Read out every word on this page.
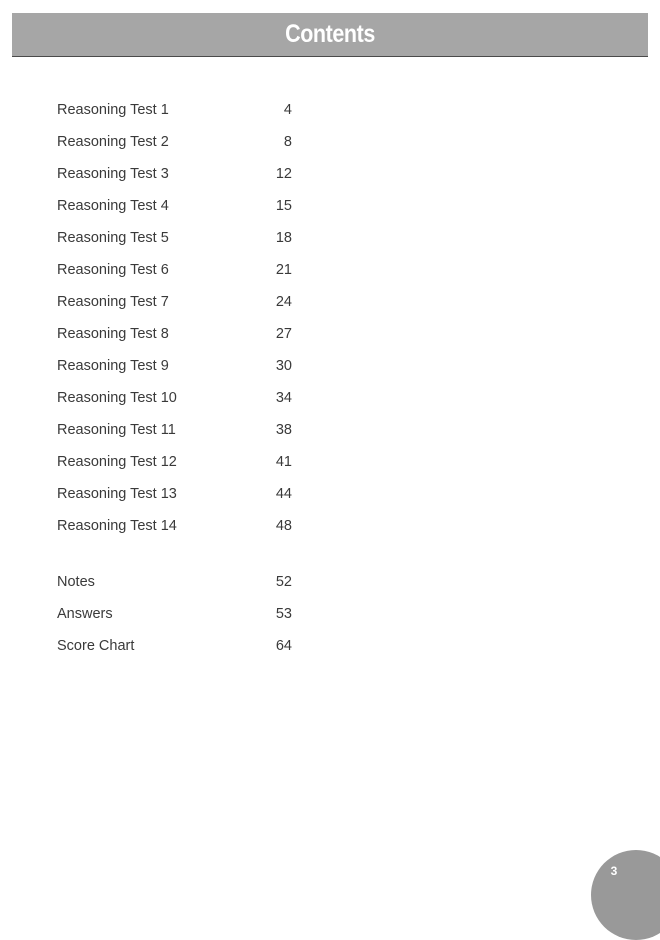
Contents
Reasoning Test 1	4
Reasoning Test 2	8
Reasoning Test 3	12
Reasoning Test 4	15
Reasoning Test 5	18
Reasoning Test 6	21
Reasoning Test 7	24
Reasoning Test 8	27
Reasoning Test 9	30
Reasoning Test 10	34
Reasoning Test 11	38
Reasoning Test 12	41
Reasoning Test 13	44
Reasoning Test 14	48
Notes	52
Answers	53
Score Chart	64
3
